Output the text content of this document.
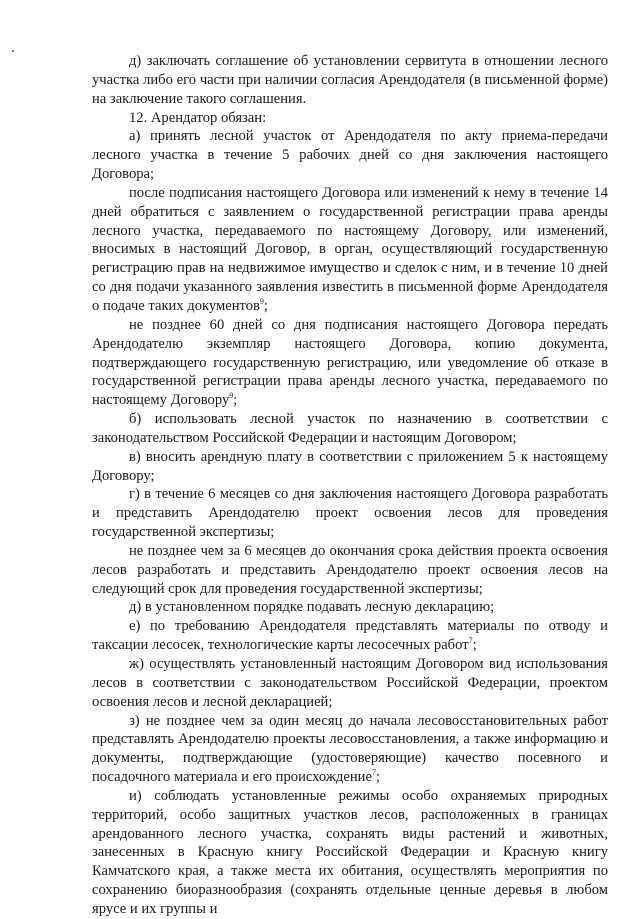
д) заключать соглашение об установлении сервитута в отношении лесного участка либо его части при наличии согласия Арендодателя (в письменной форме) на заключение такого соглашения.

12. Арендатор обязан:

а) принять лесной участок от Арендодателя по акту приема-передачи лесного участка в течение 5 рабочих дней со дня заключения настоящего Договора;

после подписания настоящего Договора или изменений к нему в течение 14 дней обратиться с заявлением о государственной регистрации права аренды лесного участка, передаваемого по настоящему Договору, или изменений, вносимых в настоящий Договор, в орган, осуществляющий государственную регистрацию прав на недвижимое имущество и сделок с ним, и в течение 10 дней со дня подачи указанного заявления известить в письменной форме Арендодателя о подаче таких документов$^9$;

не позднее 60 дней со дня подписания настоящего Договора передать Арендодателю экземпляр настоящего Договора, копию документа, подтверждающего государственную регистрацию, или уведомление об отказе в государственной регистрации права аренды лесного участка, передаваемого по настоящему Договору$^9$;

б) использовать лесной участок по назначению в соответствии с законодательством Российской Федерации и настоящим Договором;

в) вносить арендную плату в соответствии с приложением 5 к настоящему Договору;

г) в течение 6 месяцев со дня заключения настоящего Договора разработать и представить Арендодателю проект освоения лесов для проведения государственной экспертизы;

не позднее чем за 6 месяцев до окончания срока действия проекта освоения лесов разработать и представить Арендодателю проект освоения лесов на следующий срок для проведения государственной экспертизы;

д) в установленном порядке подавать лесную декларацию;

е) по требованию Арендодателя представлять материалы по отводу и таксации лесосек, технологические карты лесосечных работ$^7$;

ж) осуществлять установленный настоящим Договором вид использования лесов в соответствии с законодательством Российской Федерации, проектом освоения лесов и лесной декларацией;

з) не позднее чем за один месяц до начала лесовосстановительных работ представлять Арендодателю проекты лесовосстановления, а также информацию и документы, подтверждающие (удостоверяющие) качество посевного и посадочного материала и его происхождение$^7$;

и) соблюдать установленные режимы особо охраняемых природных территорий, особо защитных участков лесов, расположенных в границах арендованного лесного участка, сохранять виды растений и животных, занесенных в Красную книгу Российской Федерации и Красную книгу Камчатского края, а также места их обитания, осуществлять мероприятия по сохранению биоразнообразия (сохранять отдельные ценные деревья в любом ярусе и их группы и
